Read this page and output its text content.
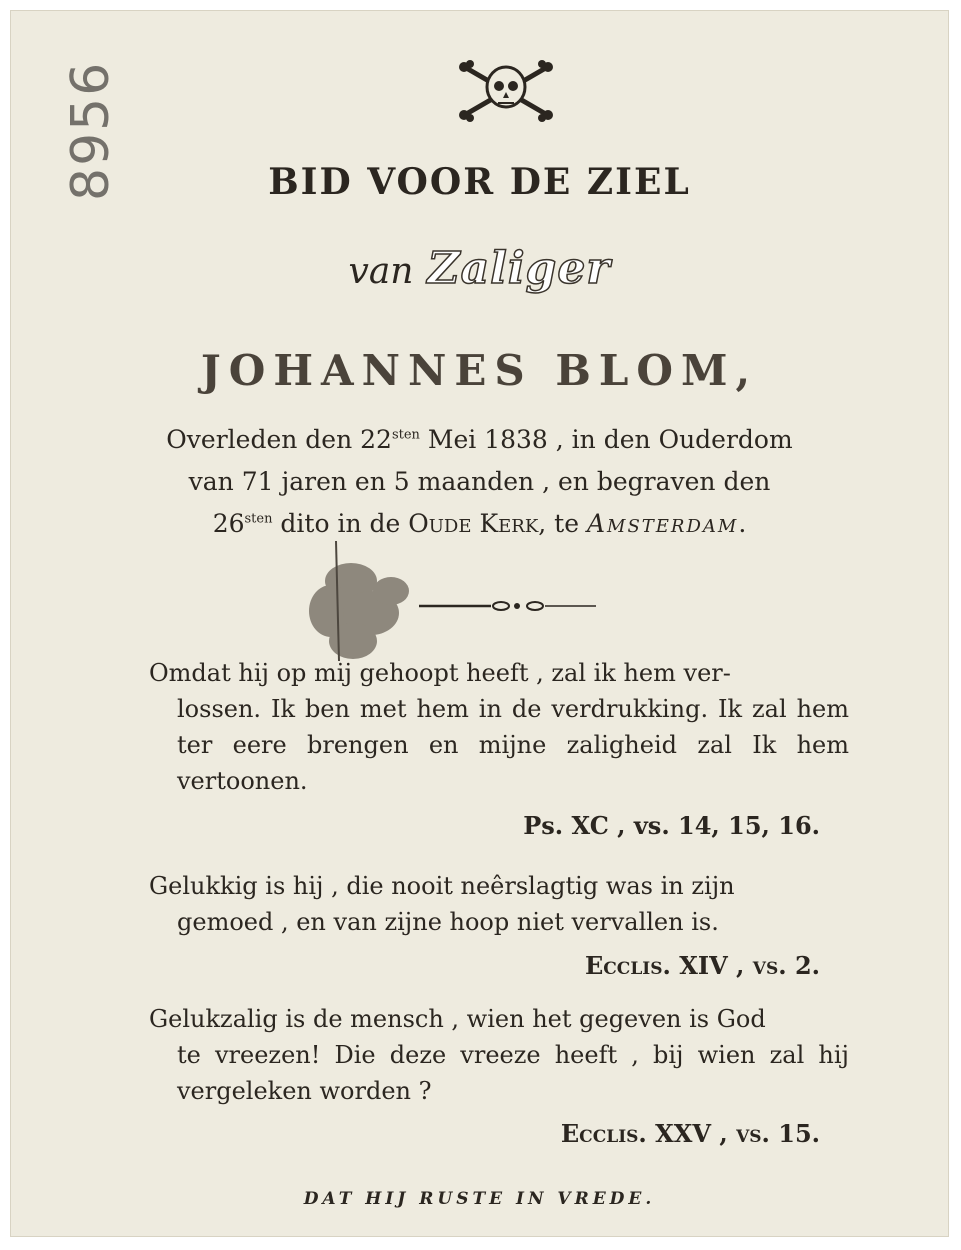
8956	BID VOOR DE ZIEL
van Zaliger
JOHANNES BLOM,
Overleden den $22^{sten}$ Mei 1838 , in den Ouderdom
van 71 jaren en 5 maanden , en begraven den
$26^{sten}$ dito in de Oude Kerk, te Amsterdam.
Omdat hij op mij gehoopt heeft , zal ik hem ver-
lossen. Ik ben met hem in de verdrukking. Ik zal hem ter eere brengen en mijne zaligheid zal Ik hem vertoonen.
Ps. XC , vs. 14, 15, 16.
Gelukkig is hij , die nooit neêrslagtig was in zijn
gemoed , en van zijne hoop niet vervallen is.
Ecclis. XIV , vs. 2.
Gelukzalig is de mensch , wien het gegeven is God
te vreezen! Die deze vreeze heeft , bij wien zal hij vergeleken worden ?
Ecclis. XXV , vs. 15.
DAT HIJ RUSTE IN VREDE.
